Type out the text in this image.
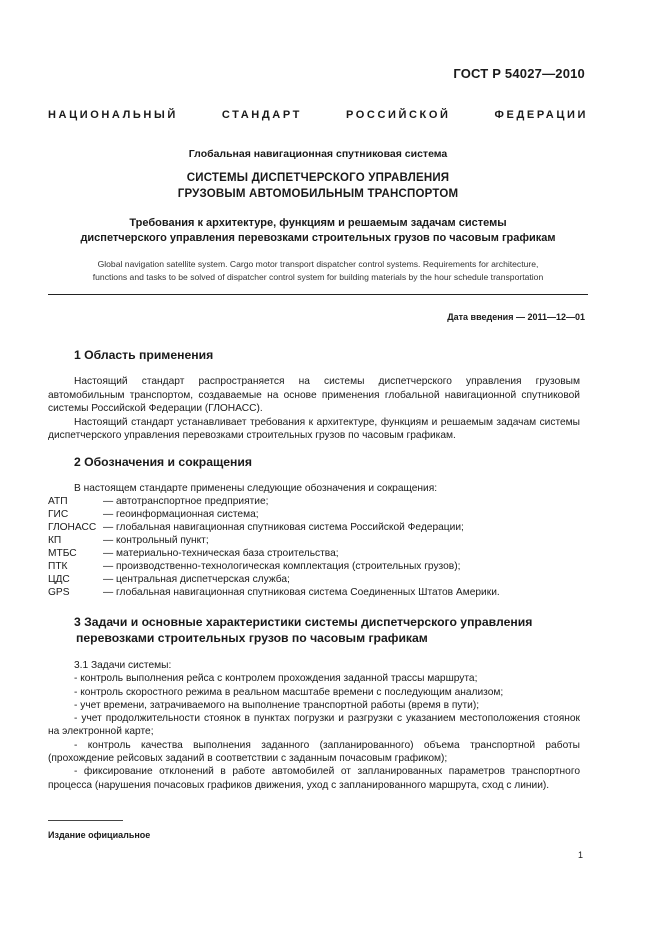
ГОСТ Р 54027—2010
НАЦИОНАЛЬНЫЙ СТАНДАРТ РОССИЙСКОЙ ФЕДЕРАЦИИ
Глобальная навигационная спутниковая система
СИСТЕМЫ ДИСПЕТЧЕРСКОГО УПРАВЛЕНИЯ
ГРУЗОВЫМ АВТОМОБИЛЬНЫМ ТРАНСПОРТОМ
Требования к архитектуре, функциям и решаемым задачам системы
диспетчерского управления перевозками строительных грузов по часовым графикам
Global navigation satellite system. Cargo motor transport dispatcher control systems. Requirements for architecture,
functions and tasks to be solved of dispatcher control system for building materials by the hour schedule transportation
Дата введения — 2011—12—01
1 Область применения

Настоящий стандарт распространяется на системы диспетчерского управления грузовым автомобильным транспортом, создаваемые на основе применения глобальной навигационной спутниковой системы Российской Федерации (ГЛОНАСС).

Настоящий стандарт устанавливает требования к архитектуре, функциям и решаемым задачам системы диспетчерского управления перевозками строительных грузов по часовым графикам.

2 Обозначения и сокращения
В настоящем стандарте применены следующие обозначения и сокращения:
АТП	— автотранспортное предприятие;
ГИС	— геоинформационная система;
ГЛОНАСС — глобальная навигационная спутниковая система Российской Федерации;
КП	— контрольный пункт;
МТБС	— материально-техническая база строительства;
ПТК	— производственно-технологическая комплектация (строительных грузов);
ЦДС	— центральная диспетчерская служба;
GPS	— глобальная навигационная спутниковая система Соединенных Штатов Америки.
3 Задачи и основные характеристики системы диспетчерского управления
перевозками строительных грузов по часовым графикам
3.1 Задачи системы:
- контроль выполнения рейса с контролем прохождения заданной трассы маршрута;
- контроль скоростного режима в реальном масштабе времени с последующим анализом;
- учет времени, затрачиваемого на выполнение транспортной работы (время в пути);
- учет продолжительности стоянок в пунктах погрузки и разгрузки с указанием местоположения стоянок на электронной карте;
- контроль качества выполнения заданного (запланированного) объема транспортной работы (прохождение рейсовых заданий в соответствии с заданным почасовым графиком);
- фиксирование отклонений в работе автомобилей от запланированных параметров транспортного процесса (нарушения почасовых графиков движения, уход с запланированного маршрута, сход с линии).
Издание официальное
1
